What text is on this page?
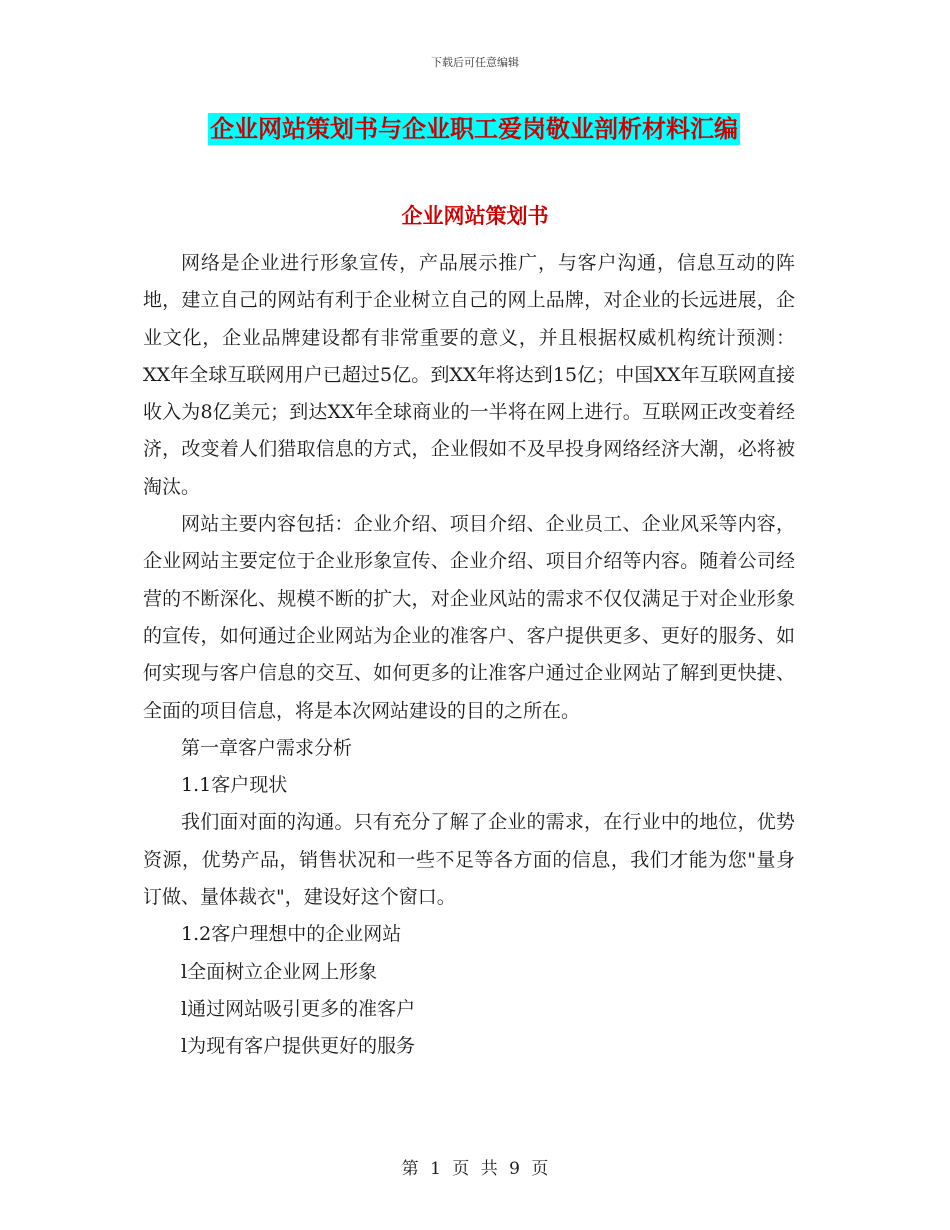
下载后可任意编辑
企业网站策划书与企业职工爱岗敬业剖析材料汇编
企业网站策划书

网络是企业进行形象宣传，产品展示推广，与客户沟通，信息互动的阵地，建立自己的网站有利于企业树立自己的网上品牌，对企业的长远进展，企业文化，企业品牌建设都有非常重要的意义，并且根据权威机构统计预测：XX年全球互联网用户已超过5亿。到XX年将达到15亿；中国XX年互联网直接收入为8亿美元；到达XX年全球商业的一半将在网上进行。互联网正改变着经济，改变着人们猎取信息的方式，企业假如不及早投身网络经济大潮，必将被淘汰。

网站主要内容包括：企业介绍、项目介绍、企业员工、企业风采等内容，企业网站主要定位于企业形象宣传、企业介绍、项目介绍等内容。随着公司经营的不断深化、规模不断的扩大，对企业风站的需求不仅仅满足于对企业形象的宣传，如何通过企业网站为企业的准客户、客户提供更多、更好的服务、如何实现与客户信息的交互、如何更多的让准客户通过企业网站了解到更快捷、全面的项目信息，将是本次网站建设的目的之所在。

第一章客户需求分析

1.1客户现状

我们面对面的沟通。只有充分了解了企业的需求，在行业中的地位，优势资源，优势产品，销售状况和一些不足等各方面的信息，我们才能为您"量身订做、量体裁衣"，建设好这个窗口。

1.2客户理想中的企业网站

l全面树立企业网上形象

l通过网站吸引更多的准客户

l为现有客户提供更好的服务

第 1 页 共 9 页
